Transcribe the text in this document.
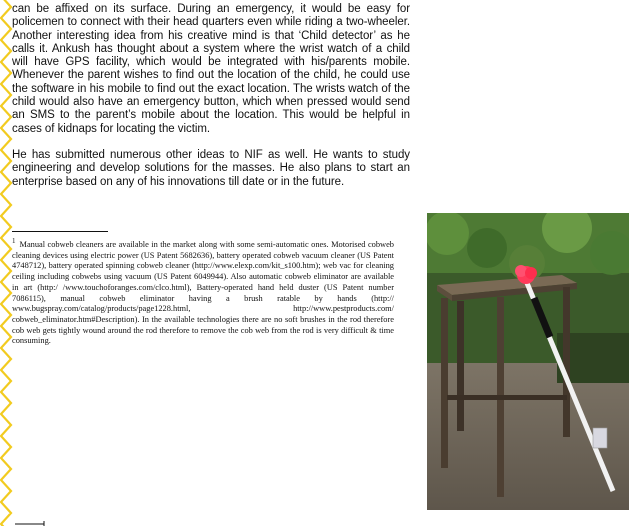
can be affixed on its surface. During an emergency, it would be easy for policemen to connect with their head quarters even while riding a two-wheeler. Another interesting idea from his creative mind is that ‘Child detector’ as he calls it. Ankush has thought about a system where the wrist watch of a child will have GPS facility, which would be integrated with his/parents mobile. Whenever the parent wishes to find out the location of the child, he could use the software in his mobile to find out the exact location. The wrists watch of the child would also have an emergency button, which when pressed would send an SMS to the parent’s mobile about the location. This would be helpful in cases of kidnaps for locating the victim.

He has submitted numerous other ideas to NIF as well. He wants to study engineering and develop solutions for the masses. He also plans to start an enterprise based on any of his innovations till date or in the future.

$^1$ Manual cobweb cleaners are available in the market along with some semi-automatic ones. Motorised cobweb cleaning devices using electric power (US Patent 5682636), battery operated cobweb vacuum cleaner (US Patent 4748712), battery operated spinning cobweb cleaner (http://www.elexp.com/kit_s100.htm); web vac for cleaning ceiling including cobwebs using vacuum (US Patent 6049944). Also automatic cobweb eliminator are available in art (http:/ /www.touchoforanges.com/clco.html), Battery-operated hand held duster (US Patent number 7086115), manual cobweb eliminator having a brush ratable by hands (http:// www.bugspray.com/catalog/products/page1228.html, http://www.pestproducts.com/ cobweb_eliminator.htm#Description). In the available technologies there are no soft brushes in the rod therefore cob web gets tightly wound around the rod therefore to remove the cob web from the rod is very difficult & time consuming.
